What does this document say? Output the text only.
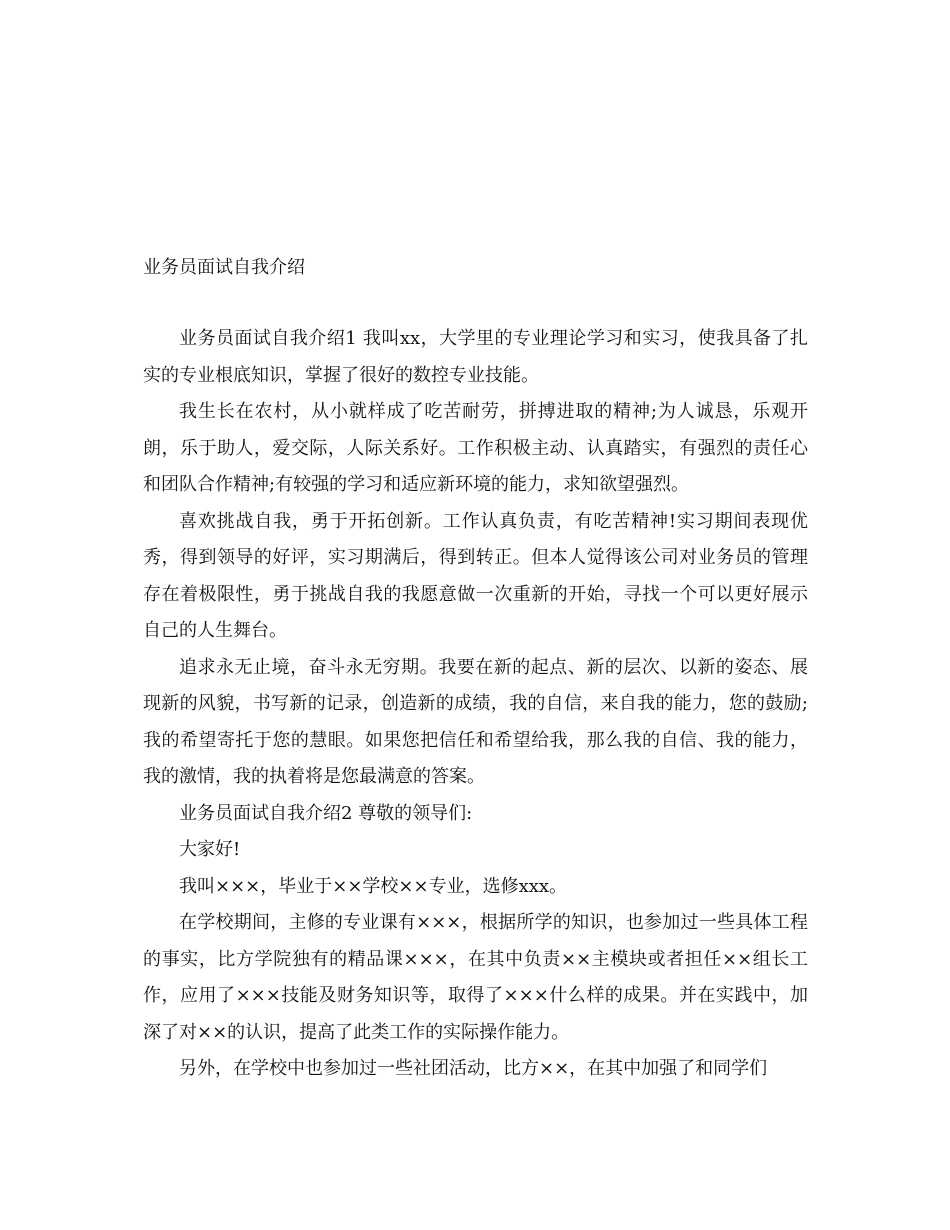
业务员面试自我介绍

业务员面试自我介绍1 我叫xx，大学里的专业理论学习和实习，使我具备了扎实的专业根底知识，掌握了很好的数控专业技能。

我生长在农村，从小就样成了吃苦耐劳，拼搏进取的精神;为人诚恳，乐观开朗，乐于助人，爱交际，人际关系好。工作积极主动、认真踏实，有强烈的责任心和团队合作精神;有较强的学习和适应新环境的能力，求知欲望强烈。

喜欢挑战自我，勇于开拓创新。工作认真负责，有吃苦精神!实习期间表现优秀，得到领导的好评，实习期满后，得到转正。但本人觉得该公司对业务员的管理存在着极限性，勇于挑战自我的我愿意做一次重新的开始，寻找一个可以更好展示自己的人生舞台。

追求永无止境，奋斗永无穷期。我要在新的起点、新的层次、以新的姿态、展现新的风貌，书写新的记录，创造新的成绩，我的自信，来自我的能力，您的鼓励;我的希望寄托于您的慧眼。如果您把信任和希望给我，那么我的自信、我的能力，我的激情，我的执着将是您最满意的答案。

业务员面试自我介绍2 尊敬的领导们:

大家好!

我叫×××，毕业于××学校××专业，选修xxx。

在学校期间，主修的专业课有×××，根据所学的知识，也参加过一些具体工程的事实，比方学院独有的精品课×××，在其中负责××主模块或者担任××组长工作，应用了×××技能及财务知识等，取得了×××什么样的成果。并在实践中，加深了对××的认识，提高了此类工作的实际操作能力。

另外，在学校中也参加过一些社团活动，比方××，在其中加强了和同学们
